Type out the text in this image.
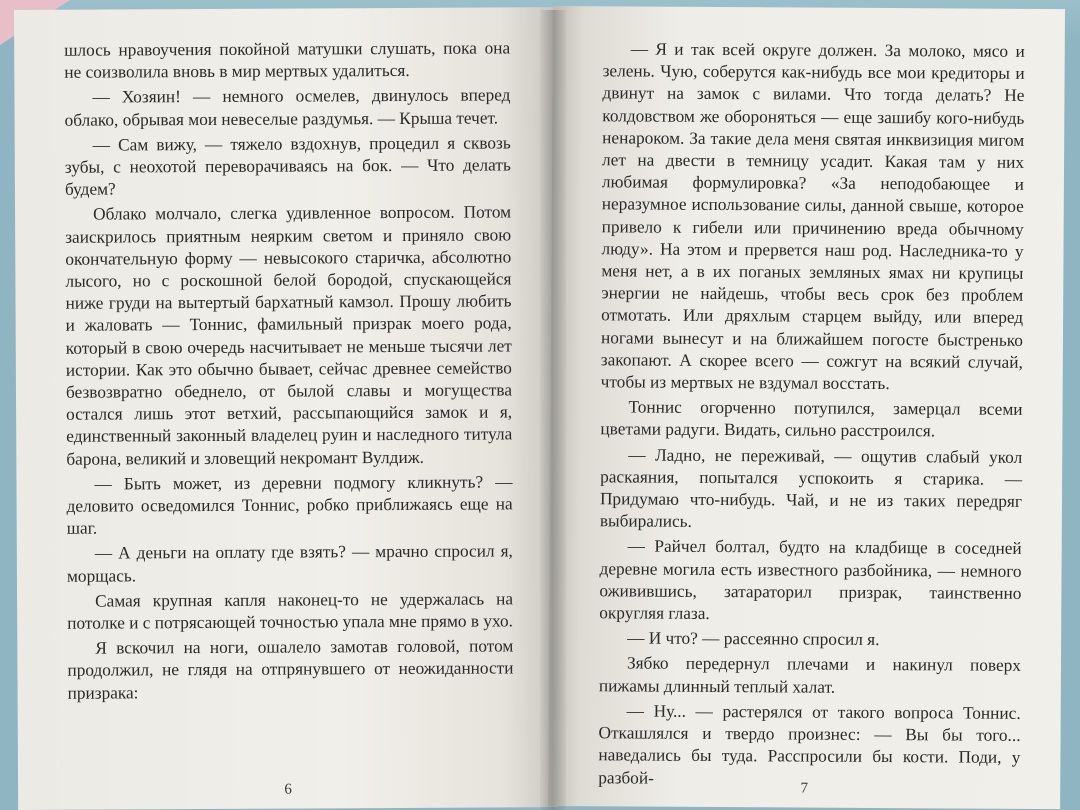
шлось нравоучения покойной матушки слушать, пока она не соизволила вновь в мир мертвых удалиться.

— Хозяин! — немного осмелев, двинулось вперед облако, обрывая мои невеселые раздумья. — Крыша течет.

— Сам вижу, — тяжело вздохнув, процедил я сквозь зубы, с неохотой переворачиваясь на бок. — Что делать будем?

Облако молчало, слегка удивленное вопросом. Потом заискрилось приятным неярким светом и приняло свою окончательную форму — невысокого старичка, абсолютно лысого, но с роскошной белой бородой, спускающейся ниже груди на вытертый бархатный камзол. Прошу любить и жаловать — Тоннис, фамильный призрак моего рода, который в свою очередь насчитывает не меньше тысячи лет истории. Как это обычно бывает, сейчас древнее семейство безвозвратно обеднело, от былой славы и могущества остался лишь этот ветхий, рассыпающийся замок и я, единственный законный владелец руин и наследного титула барона, великий и зловещий некромант Вулдиж.

— Быть может, из деревни подмогу кликнуть? — деловито осведомился Тоннис, робко приближаясь еще на шаг.

— А деньги на оплату где взять? — мрачно спросил я, морщась.

Самая крупная капля наконец-то не удержалась на потолке и с потрясающей точностью упала мне прямо в ухо.

Я вскочил на ноги, ошалело замотав головой, потом продолжил, не глядя на отпрянувшего от неожиданности призрака:

6

— Я и так всей округе должен. За молоко, мясо и зелень. Чую, соберутся как-нибудь все мои кредиторы и двинут на замок с вилами. Что тогда делать? Не колдовством же обороняться — еще зашибу кого-нибудь ненароком. За такие дела меня святая инквизиция мигом лет на двести в темницу усадит. Какая там у них любимая формулировка? «За неподобающее и неразумное использование силы, данной свыше, которое привело к гибели или причинению вреда обычному люду». На этом и прервется наш род. Наследника-то у меня нет, а в их поганых земляных ямах ни крупицы энергии не найдешь, чтобы весь срок без проблем отмотать. Или дряхлым старцем выйду, или вперед ногами вынесут и на ближайшем погосте быстренько закопают. А скорее всего — сожгут на всякий случай, чтобы из мертвых не вздумал восстать.

Тоннис огорченно потупился, замерцал всеми цветами радуги. Видать, сильно расстроился.

— Ладно, не переживай, — ощутив слабый укол раскаяния, попытался успокоить я старика. — Придумаю что-нибудь. Чай, и не из таких передряг выбирались.

— Райчел болтал, будто на кладбище в соседней деревне могила есть известного разбойника, — немного оживившись, затараторил призрак, таинственно округляя глаза.

— И что? — рассеянно спросил я.

Зябко передернул плечами и накинул поверх пижамы длинный теплый халат.

— Ну... — растерялся от такого вопроса Тоннис. Откашлялся и твердо произнес: — Вы бы того... наведались бы туда. Расспросили бы кости. Поди, у разбой-

7
